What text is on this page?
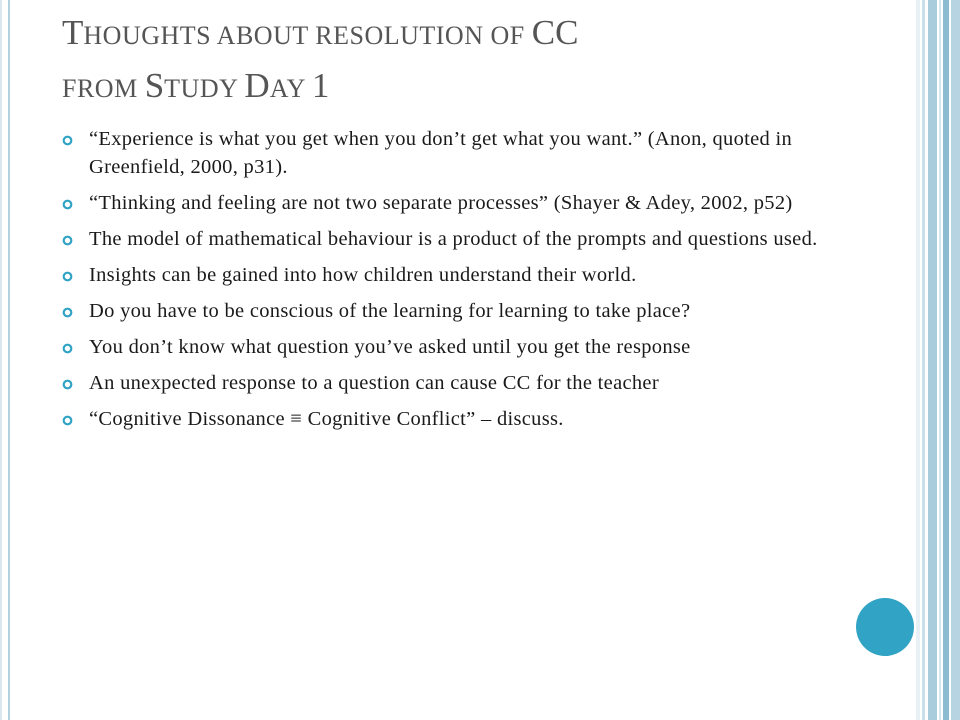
THOUGHTS ABOUT RESOLUTION OF CC
FROM STUDY DAY 1
“Experience is what you get when you don’t get what you want.” (Anon, quoted in Greenfield, 2000, p31).
“Thinking and feeling are not two separate processes” (Shayer & Adey, 2002, p52)
The model of mathematical behaviour is a product of the prompts and questions used.
Insights can be gained into how children understand their world.
Do you have to be conscious of the learning for learning to take place?
You don’t know what question you’ve asked until you get the response
An unexpected response to a question can cause CC for the teacher
“Cognitive Dissonance ≡ Cognitive Conflict” – discuss.
